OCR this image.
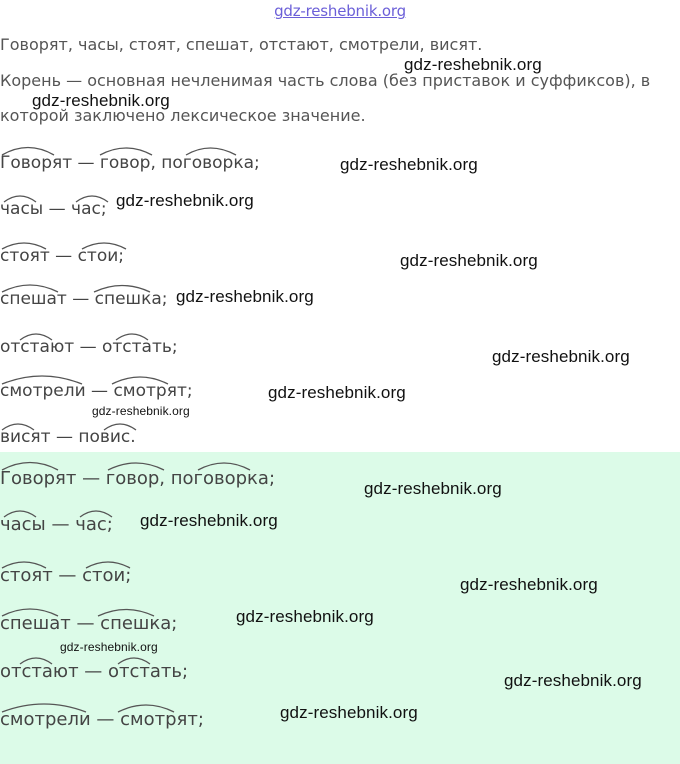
gdz-reshebnik.org
Говорят, часы, стоят, спешат, отстают, смотрели, висят.
Корень — основная нечленимая часть слова (без приставок и суффиксов), в
которой заключено лексическое значение.
Говорят — говор, поговорка;
часы — час;
стоят — стои;
спешат — спешка;
отстают — отстать;
смотрели — смотрят;
висят — повис.
Говорят — говор, поговорка;
часы — час;
стоят — стои;
спешат — спешка;
отстают — отстать;
смотрели — смотрят;
gdz-reshebnik.org
gdz-reshebnik.org
gdz-reshebnik.org
gdz-reshebnik.org
gdz-reshebnik.org
gdz-reshebnik.org
gdz-reshebnik.org
gdz-reshebnik.org
gdz-reshebnik.org
gdz-reshebnik.org
gdz-reshebnik.org
gdz-reshebnik.org
gdz-reshebnik.org
gdz-reshebnik.org
gdz-reshebnik.org
gdz-reshebnik.org
